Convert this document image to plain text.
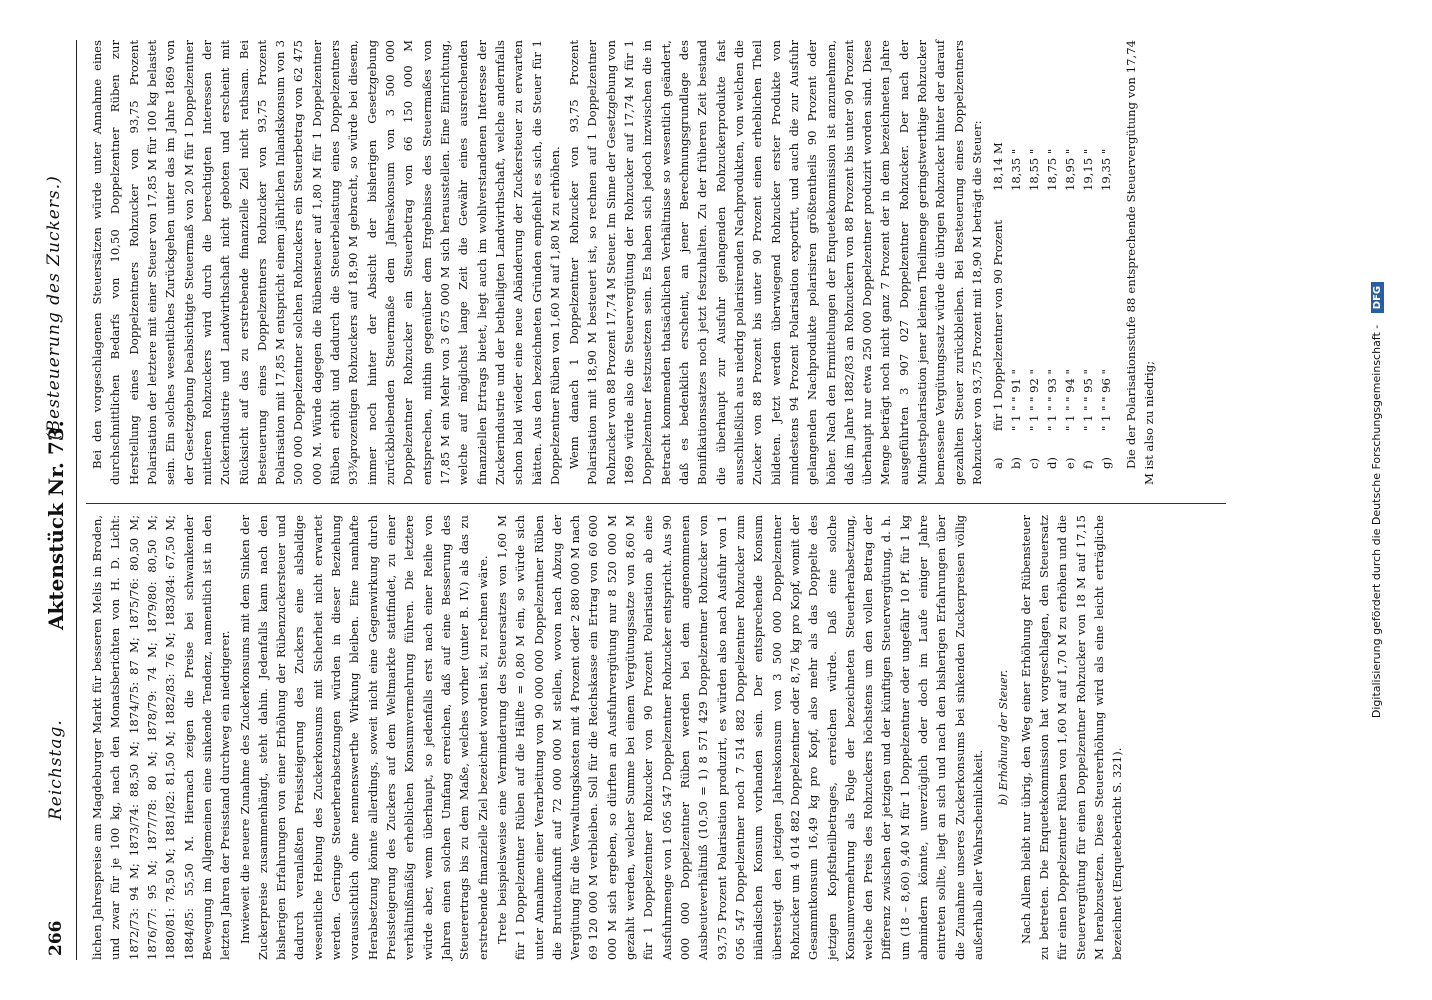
266
Reichstag.
Aktenstück Nr. 73.
(Besteuerung des Zuckers.)

lichen Jahrespreise am Magdeburger Markt für besseren Melis in Broden, und zwar für je 100 kg, nach den Monatsberichten von H. D. Licht: 1872/73: 94 M; 1873/74: 88,50 M; 1874/75: 87 M; 1875/76: 80,50 M; 1876/77: 95 M; 1877/78: 80 M; 1878/79: 74 M; 1879/80: 80,50 M; 1880/81: 78,50 M; 1881/82: 81,50 M; 1882/83: 76 M; 1883/84: 67,50 M; 1884/85: 55,50 M. Hiernach zeigen die Preise bei schwankender Bewegung im Allgemeinen eine sinkende Tendenz, namentlich ist in den letzten Jahren der Preisstand durchweg ein niedrigerer. Inwieweit die neuere Zunahme des Zuckerkonsums mit dem Sinken der Zuckerpreise zusammenhängt, steht dahin. Jedenfalls kann nach den bisherigen Erfahrungen von einer Erhöhung der Rübenzuckersteuer und dadurch veranlaßten Preissteigerung des Zuckers eine alsbaldige wesentliche Hebung des Zuckerkonsums mit Sicherheit nicht erwartet werden. Geringe Steuerherabsetzungen würden in dieser Beziehung voraussichtlich ohne nennenswerthe Wirkung bleiben. Eine namhafte Herabsetzung könnte allerdings, soweit nicht eine Gegenwirkung durch Preissteigerung des Zuckers auf dem Weltmarkte stattfindet, zu einer verhältnißmäßig erheblichen Konsumvermehrung führen. Die letztere würde aber, wenn überhaupt, so jedenfalls erst nach einer Reihe von Jahren einen solchen Umfang erreichen, daß auf eine Besserung des Steuerertrags bis zu dem Maße, welches vorher (unter B. IV.) als das zu erstrebende finanzielle Ziel bezeichnet worden ist, zu rechnen wäre. Trete beispielsweise eine Verminderung des Steuersatzes von 1,60 M für 1 Doppelzentner Rüben auf die Hälfte = 0,80 M ein, so würde sich unter Annahme einer Verarbeitung von 90 000 000 Doppelzentner Rüben die Bruttoaufkunft auf 72 000 000 M stellen, wovon nach Abzug der Vergütung für die Verwaltungskosten mit 4 Prozent oder 2 880 000 M nach 69 120 000 M verbleiben. Soll für die Reichskasse ein Ertrag von 60 600 000 M sich ergeben, so dürften an Ausfuhrvergütung nur 8 520 000 M gezahlt werden, welcher Summe bei einem Vergütungssatze von 8,60 M für 1 Doppelzentner Rohzucker von 90 Prozent Polarisation ab eine Ausfuhrmenge von 1 056 547 Doppelzentner Rohzucker entspricht. Aus 90 000 000 Doppelzentner Rüben werden bei dem angenommenen Ausbeuteverhältniß (10,50 = 1) 8 571 429 Doppelzentner Rohzucker von 93,75 Prozent Polarisation produzirt, es würden also nach Ausfuhr von 1 056 547 Doppelzentner noch 7 514 882 Doppelzentner Rohzucker zum inländischen Konsum vorhanden sein. Der entsprechende Konsum übersteigt den jetzigen Jahreskonsum von 3 500 000 Doppelzentner Rohzucker um 4 014 882 Doppelzentner oder 8,76 kg pro Kopf, womit der Gesammtkonsum 16,49 kg pro Kopf, also mehr als das Doppelte des jetzigen Kopfstheilbetrages, erreichen würde. Daß eine solche Konsumvermehrung als Folge der bezeichneten Steuerherabsetzung, welche den Preis des Rohzuckers höchstens um den vollen Betrag der Differenz zwischen der jetzigen und der künftigen Steuervergütung, d. h. um (18 – 8,60) 9,40 M für 1 Doppelzentner oder ungefähr 10 Pf. für 1 kg abmindern könnte, unverzüglich oder doch im Laufe einiger Jahre eintreten sollte, liegt an sich und nach den bisherigen Erfahrungen über die Zunahme unseres Zuckerkonsums bei sinkenden Zuckerpreisen völlig außerhalb aller Wahrscheinlichkeit.

b) Erhöhung der Steuer. Nach Allem bleibt nur übrig, den Weg einer Erhöhung der Rübensteuer zu betreten. Die Enquetekommission hat vorgeschlagen, den Steuersatz für einen Doppelzentner Rüben von 1,60 M auf 1,70 M zu erhöhen und die Steuervergütung für einen Doppelzentner Rohzucker von 18 M auf 17,15 M herabzusetzen. Diese Steuererhöhung wird als eine leicht erträgliche bezeichnet (Enquetebericht S. 321).

Bei den vorgeschlagenen Steuersätzen würde unter Annahme eines durchschnittlichen Bedarfs von 10,50 Doppelzentner Rüben zur Herstellung eines Doppelzentners Rohzucker von 93,75 Prozent Polarisation der letztere mit einer Steuer von 17,85 M für 100 kg belastet sein. Ein solches wesentliches Zurückgehen unter das im Jahre 1869 von der Gesetzgebung beabsichtigte Steuermaß von 20 M für 1 Doppelzentner mittleren Rohzuckers wird durch die berechtigten Interessen der Zuckerindustrie und Landwirthschaft nicht geboten und erscheint mit Rücksicht auf das zu erstrebende finanzielle Ziel nicht rathsam. Bei Besteuerung eines Doppelzentners Rohzucker von 93,75 Prozent Polarisation mit 17,85 M entspricht einem jährlichen Inlandskonsum von 3 500 000 Doppelzentner solchen Rohzuckers ein Steuerbetrag von 62 475 000 M. Würde dagegen die Rübensteuer auf 1,80 M für 1 Doppelzentner Rüben erhöht und dadurch die Steuerbelastung eines Doppelzentners 93¾prozentigen Rohzuckers auf 18,90 M gebracht, so würde bei diesem, immer noch hinter der Absicht der bisherigen Gesetzgebung zurückbleibenden Steuermaße dem Jahreskonsum von 3 500 000 Doppelzentner Rohzucker ein Steuerbetrag von 66 150 000 M entsprechen, mithin gegenüber dem Ergebnisse des Steuermaßes von 17,85 M ein Mehr von 3 675 000 M sich herausstellen. Eine Einrichtung, welche auf möglichst lange Zeit die Gewähr eines ausreichenden finanziellen Ertrags bietet, liegt auch im wohlverstandenen Interesse der Zuckerindustrie und der betheiligten Landwirthschaft, welche andernfalls schon bald wieder eine neue Abänderung der Zuckersteuer zu erwarten hätten. Aus den bezeichneten Gründen empfiehlt es sich, die Steuer für 1 Doppelzentner Rüben von 1,60 M auf 1,80 M zu erhöhen. Wenn danach 1 Doppelzentner Rohzucker von 93,75 Prozent Polarisation mit 18,90 M besteuert ist, so rechnen auf 1 Doppelzentner Rohzucker von 88 Prozent 17,74 M Steuer. Im Sinne der Gesetzgebung von 1869 würde also die Steuervergütung der Rohzucker auf 17,74 M für 1 Doppelzentner festzusetzen sein. Es haben sich jedoch inzwischen die in Betracht kommenden thatsächlichen Verhältnisse so wesentlich geändert, daß es bedenklich erscheint, an jener Berechnungsgrundlage des Bonifikationssatzes noch jetzt festzuhalten. Zu der früheren Zeit bestand die überhaupt zur Ausfuhr gelangenden Rohzuckerprodukte fast ausschließlich aus niedrig polarisirenden Nachprodukten, von welchen die Zucker von 88 Prozent bis unter 90 Prozent einen erheblichen Theil bildeten. Jetzt werden überwiegend Rohzucker erster Produkte von mindestens 94 Prozent Polarisation exportirt, und auch die zur Ausfuhr gelangenden Nachprodukte polarisiren größtentheils 90 Prozent oder höher. Nach den Ermittelungen der Enquetekommission ist anzunehmen, daß im Jahre 1882/83 an Rohzuckern von 88 Prozent bis unter 90 Prozent überhaupt nur etwa 250 000 Doppelzentner produzirt worden sind. Diese Menge beträgt noch nicht ganz 7 Prozent der in dem bezeichneten Jahre ausgeführten 3 907 027 Doppelzentner Rohzucker. Der nach der Mindestpolarisation jener kleinen Theilmenge geringstwerthige Rohzucker bemessene Vergütungssatz würde die übrigen Rohzucker hinter der darauf gezahlten Steuer zurückbleiben. Bei Besteuerung eines Doppelzentners Rohzucker von 93,75 Prozent mit 18,90 M beträgt die Steuer: a)
für 1 Doppelzentner von 90 Prozent
18,14 M
b)
" 1 " " 91 "
18,35 "
c)
" 1 " " 92 "
18,55 "
d)
" 1 " " 93 "
18,75 "
e)
" 1 " " 94 "
18,95 "
f)
" 1 " " 95 "
19,15 "
g)
" 1 " " 96 "
19,35 " Die der Polarisationsstufe 88 entsprechende Steuervergütung von 17,74 M ist also zu niedrig;	Digitalisierung gefördert durch die Deutsche Forschungsgemeinschaft - DFG
